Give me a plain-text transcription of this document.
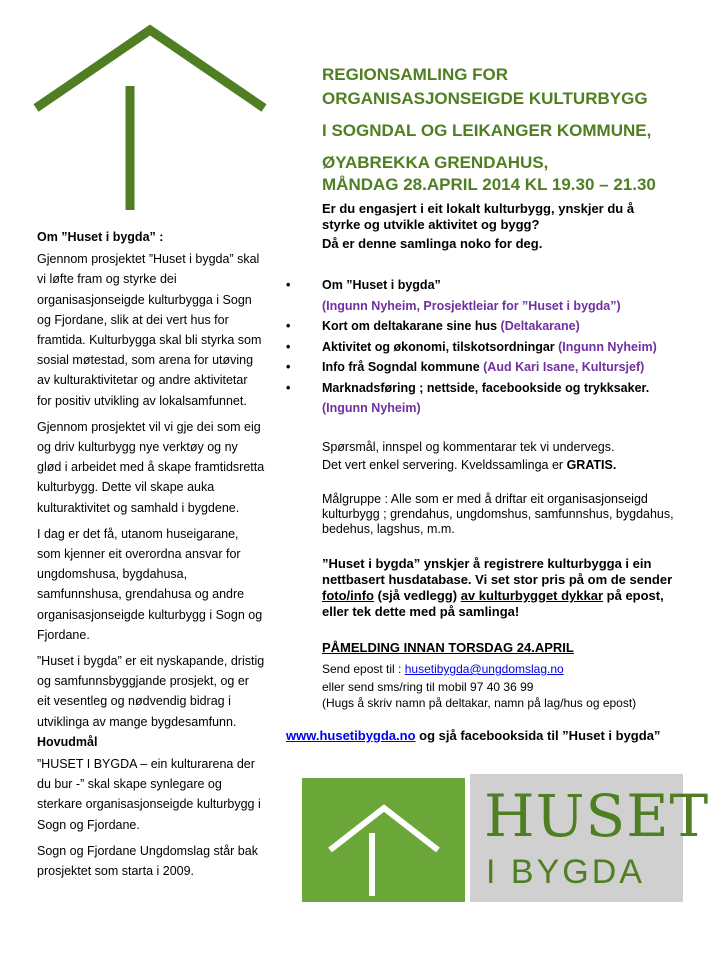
REGIONSAMLING FOR
ORGANISASJONSEIGDE KULTURBYGG
I SOGNDAL OG LEIKANGER KOMMUNE,
ØYABREKKA GRENDAHUS,
MÅNDAG 28.APRIL 2014 KL 19.30 – 21.30
Er du engasjert i eit lokalt kulturbygg, ynskjer du å styrke og utvikle aktivitet og bygg?
Då er denne samlinga noko for deg.
•	Om ”Huset i bygda”
(Ingunn Nyheim, Prosjektleiar for ”Huset i bygda”)
•	Kort om deltakarane sine hus (Deltakarane)
•	Aktivitet og økonomi, tilskotsordningar (Ingunn Nyheim)
•	Info frå Sogndal kommune (Aud Kari Isane, Kultursjef)
•	Marknadsføring ; nettside, facebookside og trykksaker.
(Ingunn Nyheim)
Spørsmål, innspel og kommentarar tek vi undervegs.
Det vert enkel servering. Kveldssamlinga er GRATIS.
Målgruppe : Alle som er med å driftar eit organisasjonseigd kulturbygg ; grendahus, ungdomshus, samfunnshus, bygdahus, bedehus, lagshus, m.m.
”Huset i bygda” ynskjer å registrere kulturbygga i ein nettbasert husdatabase. Vi set stor pris på om de sender foto/info (sjå vedlegg) av kulturbygget dykkar på epost, eller tek dette med på samlinga!
PÅMELDING INNAN TORSDAG 24.APRIL
Send epost til : husetibygda@ungdomslag.no
eller send sms/ring til mobil 97 40 36 99
(Hugs å skriv namn på deltakar, namn på lag/hus og epost)
www.husetibygda.no og sjå facebooksida til ”Huset i bygda”

Om ”Huset i bygda” :

Gjennom prosjektet ”Huset i bygda” skal vi løfte fram og styrke dei organisasjonseigde kulturbygga i Sogn og Fjordane, slik at dei vert hus for framtida. Kulturbygga skal bli styrka som sosial møtestad, som arena for utøving av kulturaktivitetar og andre aktivitetar for positiv utvikling av lokalsamfunnet.

Gjennom prosjektet vil vi gje dei som eig og driv kulturbygg nye verktøy og ny glød i arbeidet med å skape framtidsretta kulturbygg. Dette vil skape auka kulturaktivitet og samhald i bygdene.

I dag er det få, utanom huseigarane, som kjenner eit overordna ansvar for ungdomshusa, bygdahusa, samfunnshusa, grendahusa og andre organisasjonseigde kulturbygg i Sogn og Fjordane.

”Huset i bygda” er eit nyskapande, dristig og samfunnsbyggjande prosjekt, og er eit vesentleg og nødvendig bidrag i utviklinga av mange bygdesamfunn.

Hovudmål

”HUSET I BYGDA – ein kulturarena der du bur -” skal skape synlegare og sterkare organisasjonseigde kulturbygg i Sogn og Fjordane.

Sogn og Fjordane Ungdomslag står bak prosjektet som starta i 2009.

HUSET
I BYGDA
